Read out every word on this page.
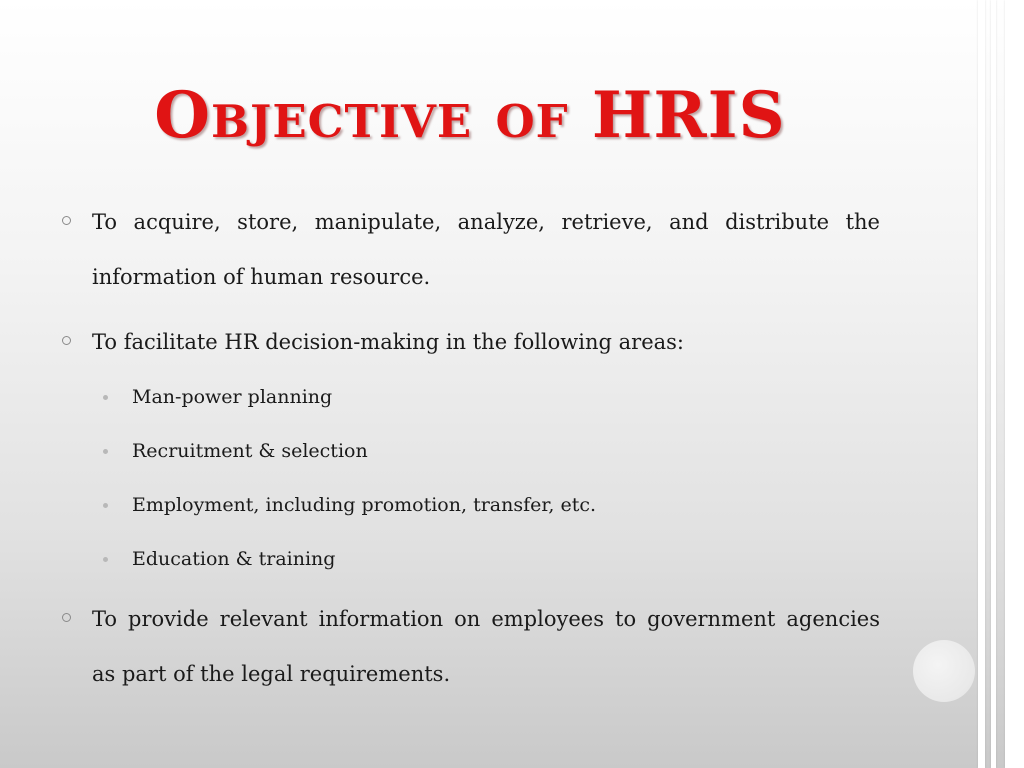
Objective of HRIS
To acquire, store, manipulate, analyze, retrieve, and distribute the
information of human resource.
To facilitate HR decision-making in the following areas:
Man-power planning
Recruitment & selection
Employment, including promotion, transfer, etc.
Education & training
To provide relevant information on employees to government agencies
as part of the legal requirements.
